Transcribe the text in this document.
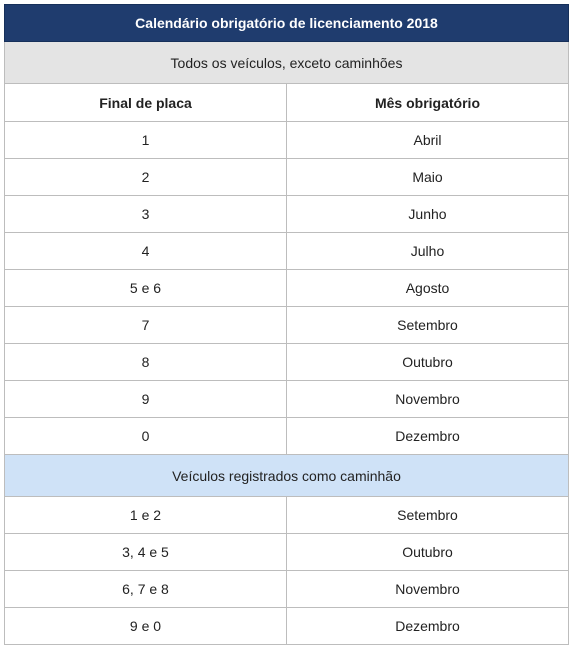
Calendário obrigatório de licenciamento 2018
Todos os veículos, exceto caminhões
Final de placa	Mês obrigatório
1	Abril
2	Maio
3	Junho
4	Julho
5 e 6	Agosto
7	Setembro
8	Outubro
9	Novembro
0	Dezembro
Veículos registrados como caminhão
1 e 2	Setembro
3, 4 e 5	Outubro
6, 7 e 8	Novembro
9 e 0	Dezembro
